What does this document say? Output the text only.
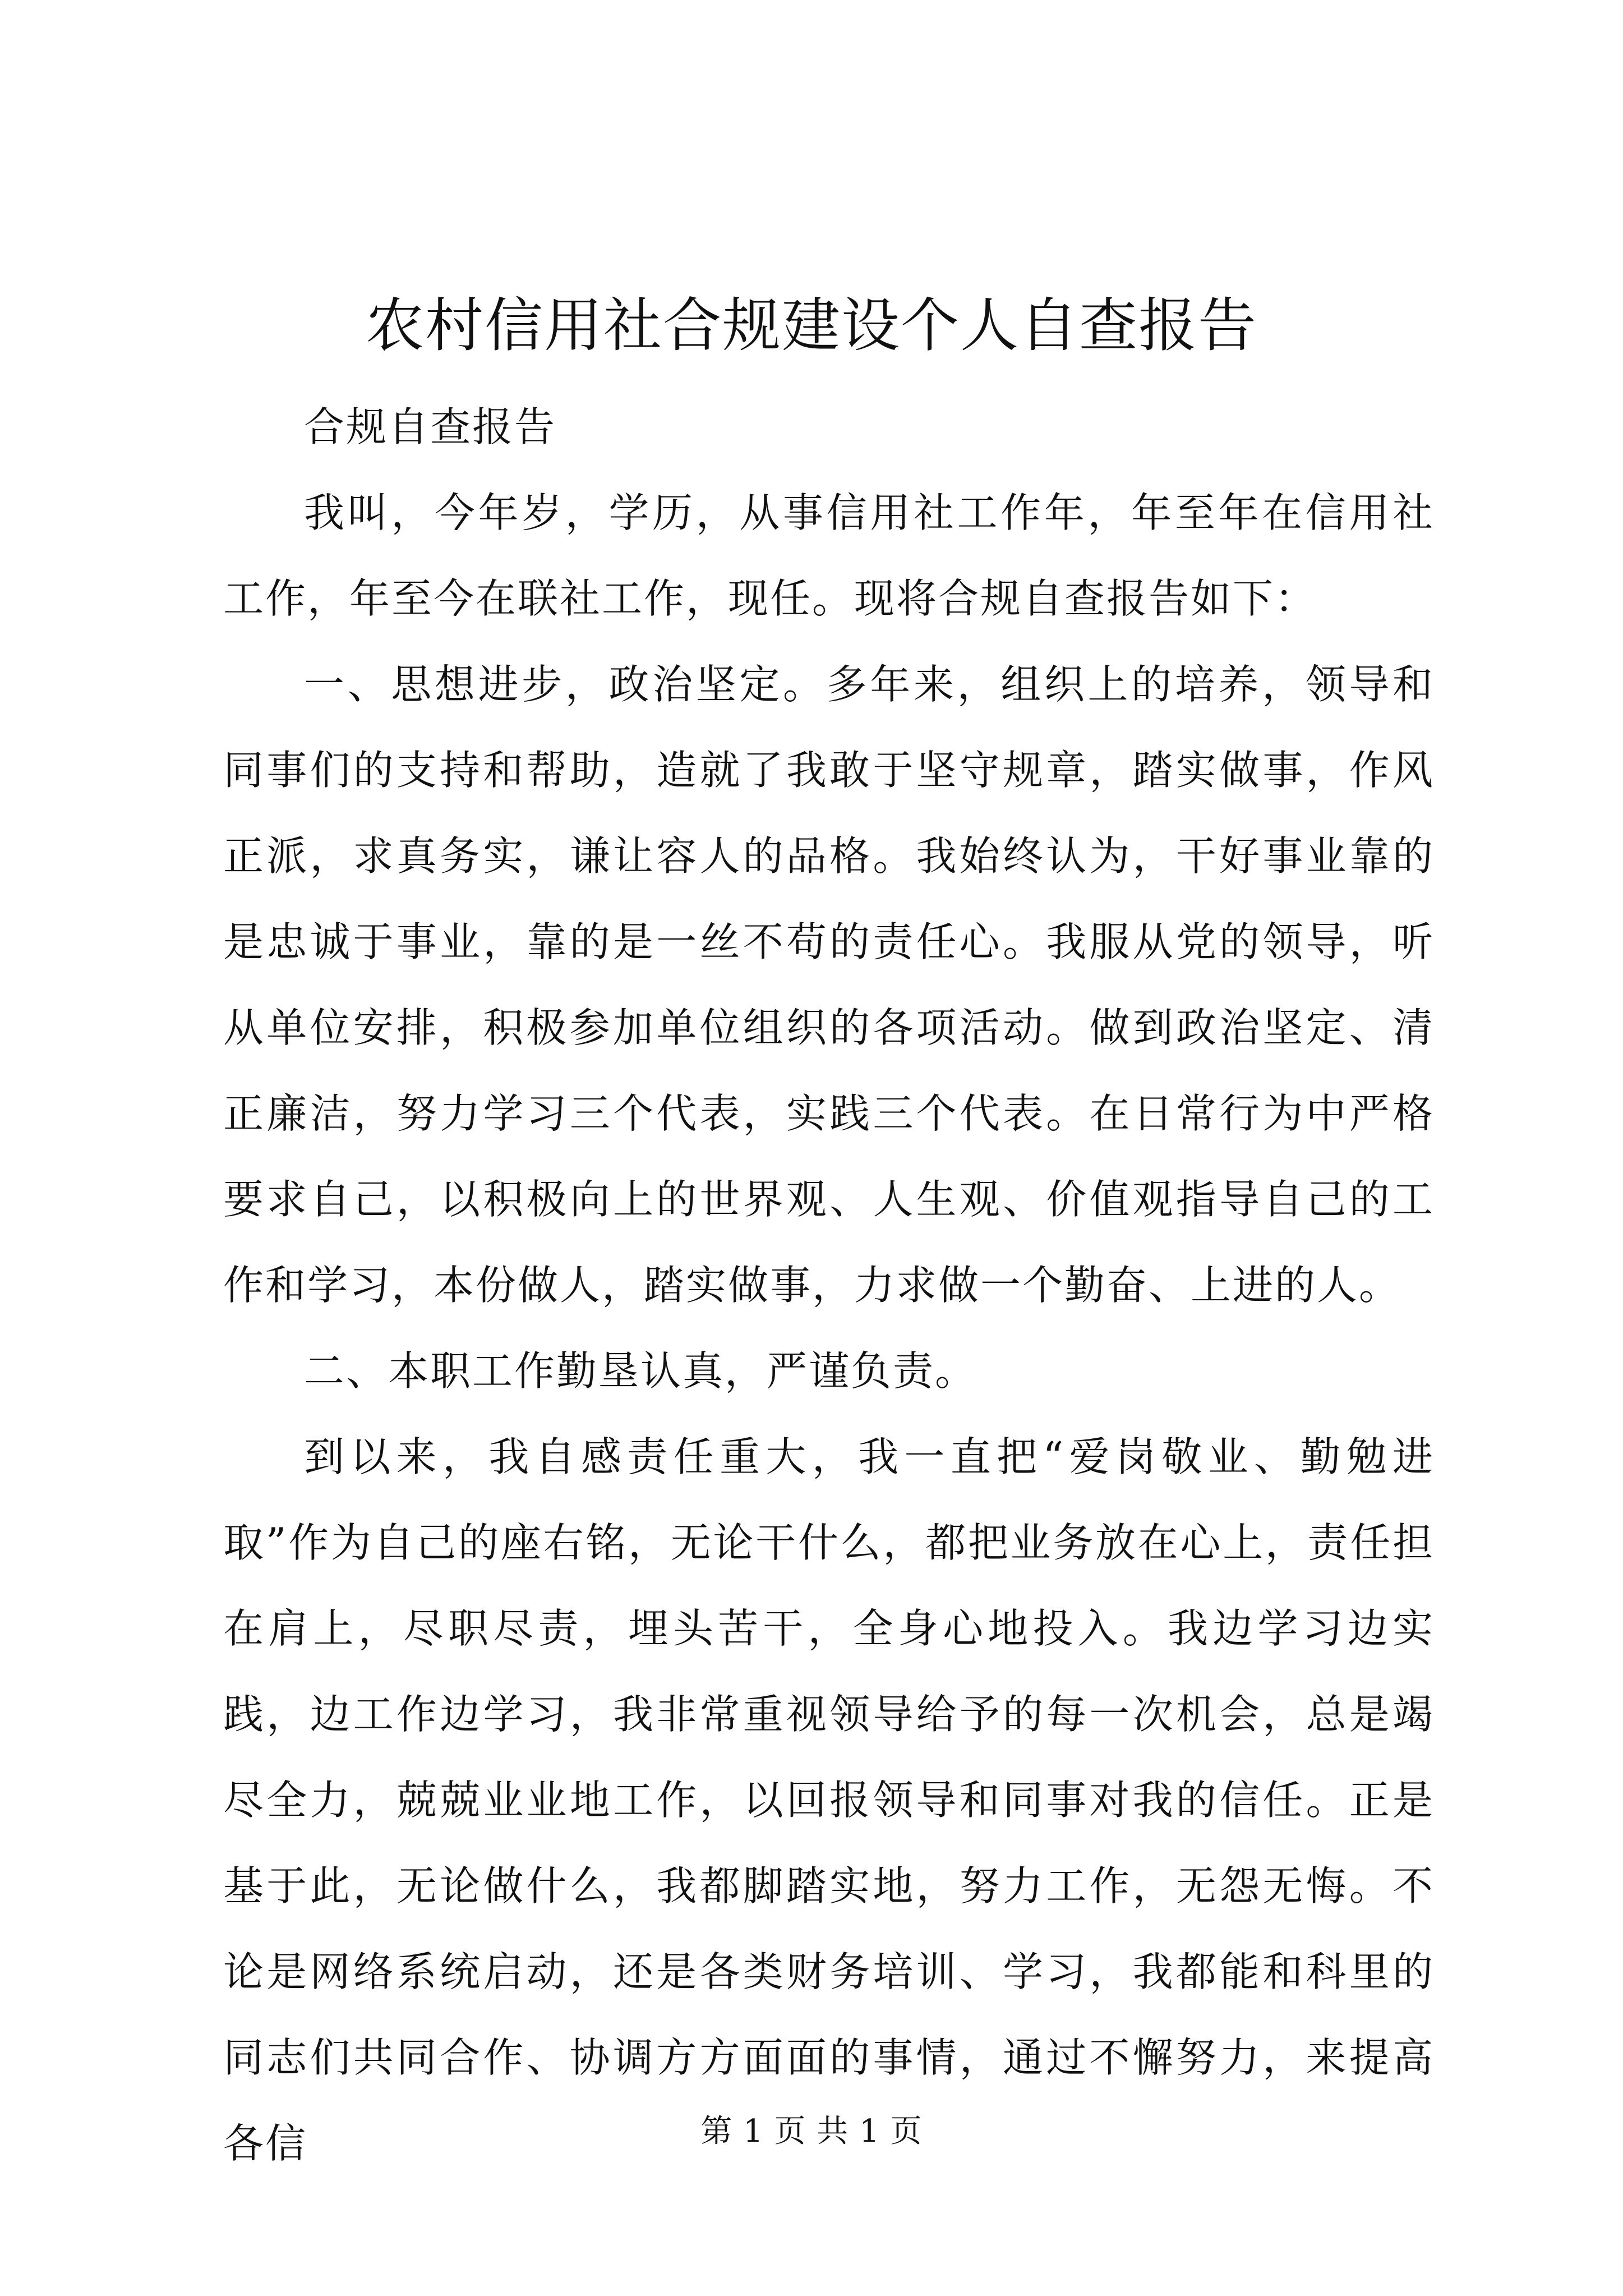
农村信用社合规建设个人自查报告

合规自查报告

我叫，今年岁，学历，从事信用社工作年，年至年在信用社工作，年至今在联社工作，现任。现将合规自查报告如下：

一、思想进步，政治坚定。多年来，组织上的培养，领导和同事们的支持和帮助，造就了我敢于坚守规章，踏实做事，作风正派，求真务实，谦让容人的品格。我始终认为，干好事业靠的是忠诚于事业，靠的是一丝不苟的责任心。我服从党的领导，听从单位安排，积极参加单位组织的各项活动。做到政治坚定、清正廉洁，努力学习三个代表，实践三个代表。在日常行为中严格要求自己，以积极向上的世界观、人生观、价值观指导自己的工作和学习，本份做人，踏实做事，力求做一个勤奋、上进的人。

二、本职工作勤垦认真，严谨负责。

到以来，我自感责任重大，我一直把“爱岗敬业、勤勉进取”作为自己的座右铭，无论干什么，都把业务放在心上，责任担在肩上，尽职尽责，埋头苦干，全身心地投入。我边学习边实践，边工作边学习，我非常重视领导给予的每一次机会，总是竭尽全力，兢兢业业地工作，以回报领导和同事对我的信任。正是基于此，无论做什么，我都脚踏实地，努力工作，无怨无悔。不论是网络系统启动，还是各类财务培训、学习，我都能和科里的同志们共同合作、协调方方面面的事情，通过不懈努力，来提高各信	第 1 页 共 1 页
